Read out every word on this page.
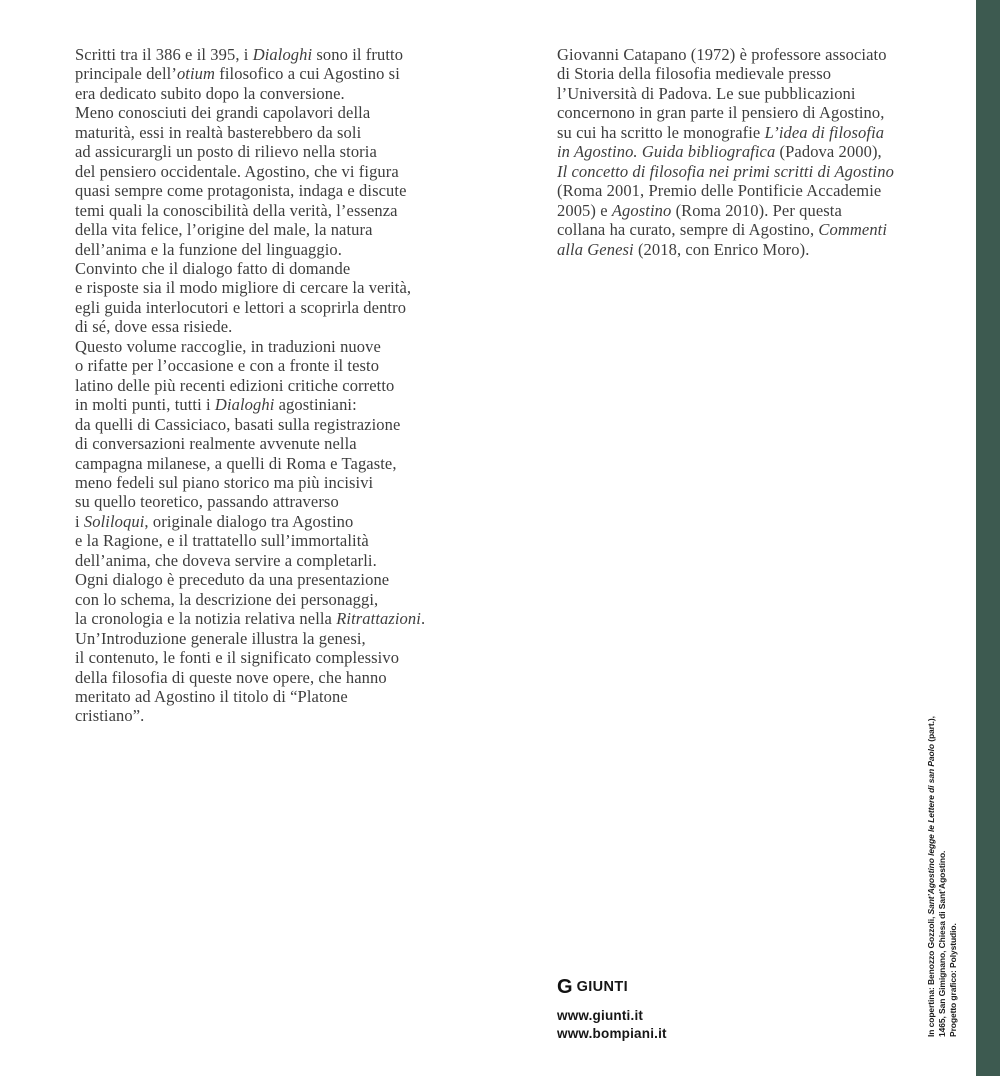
Scritti tra il 386 e il 395, i Dialoghi sono il frutto
principale dell’otium filosofico a cui Agostino si
era dedicato subito dopo la conversione.
Meno conosciuti dei grandi capolavori della
maturità, essi in realtà basterebbero da soli
ad assicurargli un posto di rilievo nella storia
del pensiero occidentale. Agostino, che vi figura
quasi sempre come protagonista, indaga e discute
temi quali la conoscibilità della verità, l’essenza
della vita felice, l’origine del male, la natura
dell’anima e la funzione del linguaggio.
Convinto che il dialogo fatto di domande
e risposte sia il modo migliore di cercare la verità,
egli guida interlocutori e lettori a scoprirla dentro
di sé, dove essa risiede.
Questo volume raccoglie, in traduzioni nuove
o rifatte per l’occasione e con a fronte il testo
latino delle più recenti edizioni critiche corretto
in molti punti, tutti i Dialoghi agostiniani:
da quelli di Cassiciaco, basati sulla registrazione
di conversazioni realmente avvenute nella
campagna milanese, a quelli di Roma e Tagaste,
meno fedeli sul piano storico ma più incisivi
su quello teoretico, passando attraverso
i Soliloqui, originale dialogo tra Agostino
e la Ragione, e il trattatello sull’immortalità
dell’anima, che doveva servire a completarli.
Ogni dialogo è preceduto da una presentazione
con lo schema, la descrizione dei personaggi,
la cronologia e la notizia relativa nella Ritrattazioni.
Un’Introduzione generale illustra la genesi,
il contenuto, le fonti e il significato complessivo
della filosofia di queste nove opere, che hanno
meritato ad Agostino il titolo di “Platone
cristiano”.
Giovanni Catapano (1972) è professore associato
di Storia della filosofia medievale presso
l’Università di Padova. Le sue pubblicazioni
concernono in gran parte il pensiero di Agostino,
su cui ha scritto le monografie L’idea di filosofia
in Agostino. Guida bibliografica (Padova 2000),
Il concetto di filosofia nei primi scritti di Agostino
(Roma 2001, Premio delle Pontificie Accademie
2005) e Agostino (Roma 2010). Per questa
collana ha curato, sempre di Agostino, Commenti
alla Genesi (2018, con Enrico Moro).
G GIUNTI
www.giunti.it
www.bompiani.it	In copertina: Benozzo Gozzoli, Sant’Agostino legge le Lettere di san Paolo (part.),
1465, San Gimignano, Chiesa di Sant’Agostino. Progetto grafico: Polystudio.
